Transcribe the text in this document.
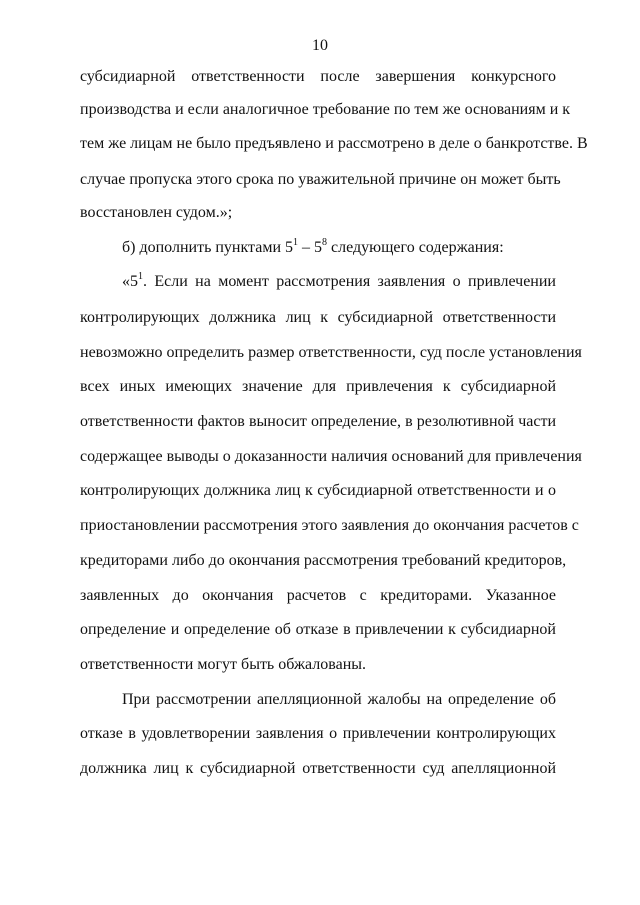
10
субсидиарной ответственности после завершения конкурсного
производства и если аналогичное требование по тем же основаниям и к
тем же лицам не было предъявлено и рассмотрено в деле о банкротстве. В
случае пропуска этого срока по уважительной причине он может быть
восстановлен судом.»;
б) дополнить пунктами $5^1 - 5^8$ следующего содержания:
«$5^1$. Если на момент рассмотрения заявления о привлечении
контролирующих должника лиц к субсидиарной ответственности
невозможно определить размер ответственности, суд после установления
всех иных имеющих значение для привлечения к субсидиарной
ответственности фактов выносит определение, в резолютивной части
содержащее выводы о доказанности наличия оснований для привлечения
контролирующих должника лиц к субсидиарной ответственности и о
приостановлении рассмотрения этого заявления до окончания расчетов с
кредиторами либо до окончания рассмотрения требований кредиторов,
заявленных до окончания расчетов с кредиторами. Указанное
определение и определение об отказе в привлечении к субсидиарной
ответственности могут быть обжалованы.
При рассмотрении апелляционной жалобы на определение об
отказе в удовлетворении заявления о привлечении контролирующих
должника лиц к субсидиарной ответственности суд апелляционной
